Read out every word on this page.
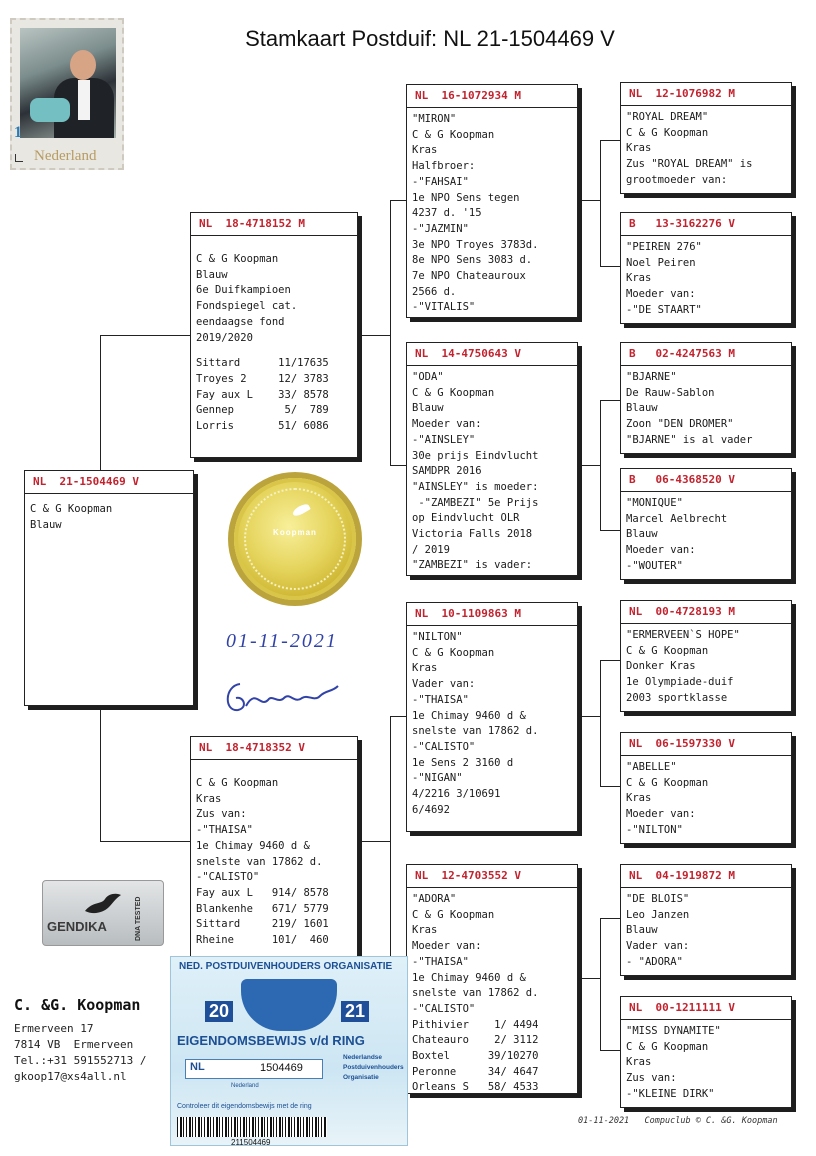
Stamkaart Postduif: NL 21-1504469 V
1
Nederland
NL  21-1504469 V
C & G Koopman
Blauw
NL  18-4718152 M
C & G Koopman
Blauw
6e Duifkampioen
Fondspiegel cat.
eendaagse fond
2019/2020
Sittard      11/17635
Troyes 2     12/ 3783
Fay aux L    33/ 8578
Gennep        5/  789
Lorris       51/ 6086
NL  18-4718352 V
C & G Koopman
Kras
Zus van:
-"THAISA"
1e Chimay 9460 d &
snelste van 17862 d.
-"CALISTO"
Fay aux L   914/ 8578
Blankenhe   671/ 5779
Sittard     219/ 1601
Rheine      101/  460
NL  16-1072934 M
"MIRON"
C & G Koopman
Kras
Halfbroer:
-"FAHSAI"
1e NPO Sens tegen
4237 d. '15
-"JAZMIN"
3e NPO Troyes 3783d.
8e NPO Sens 3083 d.
7e NPO Chateauroux
2566 d.
-"VITALIS"
NL  14-4750643 V
"ODA"
C & G Koopman
Blauw
Moeder van:
-"AINSLEY"
30e prijs Eindvlucht
SAMDPR 2016
"AINSLEY" is moeder:
-"ZAMBEZI" 5e Prijs
op Eindvlucht OLR
Victoria Falls 2018
/ 2019
"ZAMBEZI" is vader:
NL  10-1109863 M
"NILTON"
C & G Koopman
Kras
Vader van:
-"THAISA"
1e Chimay 9460 d &
snelste van 17862 d.
-"CALISTO"
1e Sens 2 3160 d
-"NIGAN"
4/2216 3/10691
6/4692
NL  12-4703552 V
"ADORA"
C & G Koopman
Kras
Moeder van:
-"THAISA"
1e Chimay 9460 d &
snelste van 17862 d.
-"CALISTO"
Pithivier    1/ 4494
Chateauro    2/ 3112
Boxtel      39/10270
Peronne     34/ 4647
Orleans S   58/ 4533
NL  12-1076982 M
"ROYAL DREAM"
C & G Koopman
Kras
Zus "ROYAL DREAM" is
grootmoeder van:
B   13-3162276 V
"PEIREN 276"
Noel Peiren
Kras
Moeder van:
-"DE STAART"
B   02-4247563 M
"BJARNE"
De Rauw-Sablon
Blauw
Zoon "DEN DROMER"
"BJARNE" is al vader
B   06-4368520 V
"MONIQUE"
Marcel Aelbrecht
Blauw
Moeder van:
-"WOUTER"
NL  00-4728193 M
"ERMERVEEN`S HOPE"
C & G Koopman
Donker Kras
1e Olympiade-duif
2003 sportklasse
NL  06-1597330 V
"ABELLE"
C & G Koopman
Kras
Moeder van:
-"NILTON"
NL  04-1919872 M
"DE BLOIS"
Leo Janzen
Blauw
Vader van:
- "ADORA"
NL  00-1211111 V
"MISS DYNAMITE"
C & G Koopman
Kras
Zus van:
-"KLEINE DIRK"
Koopman
01-11-2021
GENDIKA	DNA TESTED
C. &G. Koopman
Ermerveen 17
7814 VB  Ermerveen
Tel.:+31 591552713 /
gkoop17@xs4all.nl
NED. POSTDUIVENHOUDERS ORGANISATIE
20	21
EIGENDOMSBEWIJS v/d RING
NL	1504469
Nederland
Nederlandse
Postduivenhouders
Organisatie
Controleer dit eigendomsbewijs met de ring
211504469
01-11-2021   Compuclub © C. &G. Koopman
